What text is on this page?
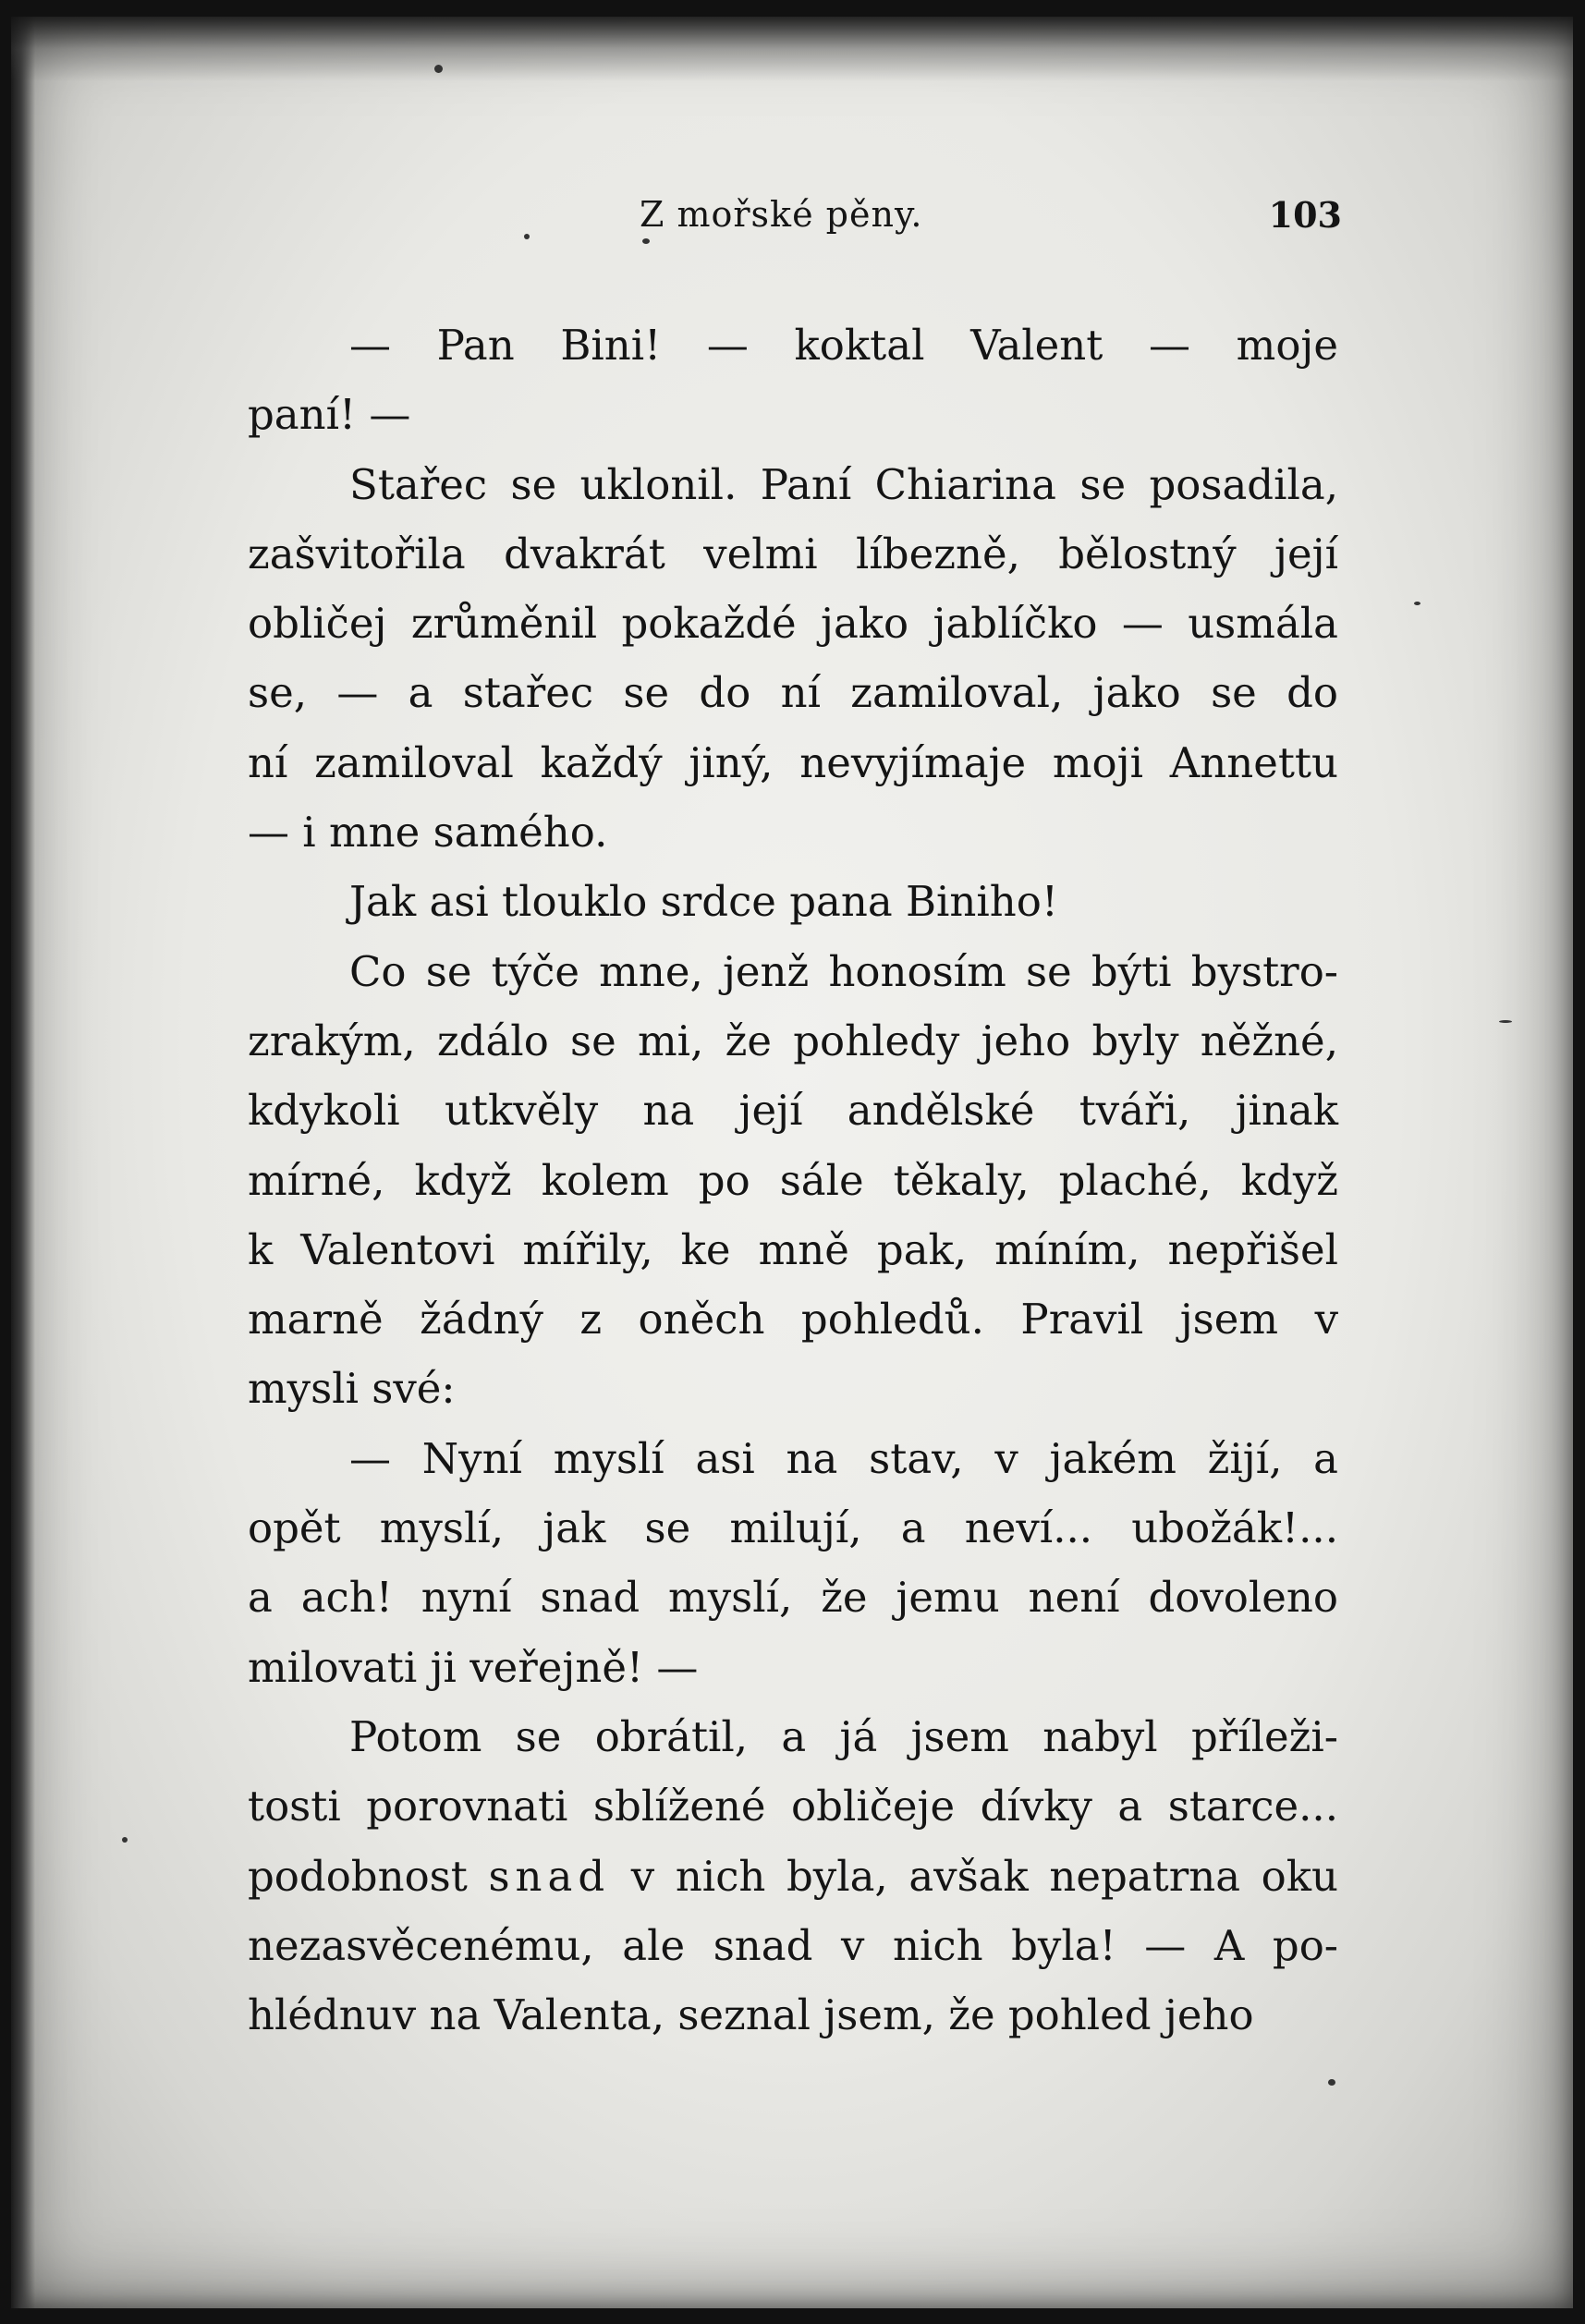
Z mořské pěny.	103
— Pan Bini! — koktal Valent — moje
paní! —
Stařec se uklonil. Paní Chiarina se posadila,
zašvitořila dvakrát velmi líbezně, bělostný její
obličej zrůměnil pokaždé jako jablíčko — usmála
se, — a stařec se do ní zamiloval, jako se do
ní zamiloval každý jiný, nevyjímaje moji Annettu
— i mne samého.
Jak asi tlouklo srdce pana Biniho!
Co se týče mne, jenž honosím se býti bystro-
zrakým, zdálo se mi, že pohledy jeho byly něžné,
kdykoli utkvěly na její andělské tváři, jinak
mírné, když kolem po sále těkaly, plaché, když
k Valentovi mířily, ke mně pak, míním, nepřišel
marně žádný z oněch pohledů. Pravil jsem v
mysli své:
— Nyní myslí asi na stav, v jakém žijí, a
opět myslí, jak se milují, a neví... ubožák!...
a ach! nyní snad myslí, že jemu není dovoleno
milovati ji veřejně! —
Potom se obrátil, a já jsem nabyl příleži-
tosti porovnati sblížené obličeje dívky a starce...
podobnost snad v nich byla, avšak nepatrna oku
nezasvěcenému, ale snad v nich byla! — A po-
hlédnuv na Valenta, seznal jsem, že pohled jeho
